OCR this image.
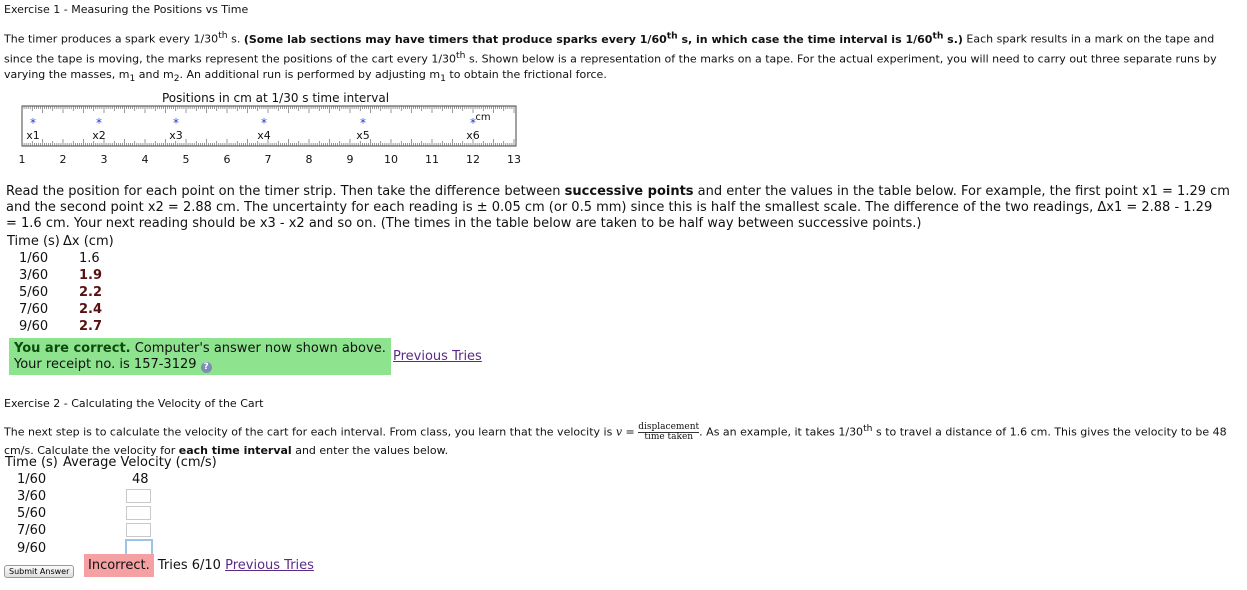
Exercise 1 - Measuring the Positions vs Time

The timer produces a spark every 1/30th s. (Some lab sections may have timers that produce sparks every 1/60th s, in which case the time interval is 1/60th s.) Each spark results in a mark on the tape and

since the tape is moving, the marks represent the positions of the cart every 1/30th s. Shown below is a representation of the marks on a tape. For the actual experiment, you will need to carry out three separate runs by

varying the masses, $m_1$ and $m_2$. An additional run is performed by adjusting $m_1$ to obtain the frictional force.

Positions in cm at 1/30 s time interval
*
x1
*
x2
*
x3
*
x4
*
x5
*
x6
cm
1	2	3	4	5	6	7	8	9	10 11 12 13
Read the position for each point on the timer strip. Then take the difference between successive points and enter the values in the table below. For example, the first point x1 = 1.29 cm
and the second point x2 = 2.88 cm. The uncertainty for each reading is ± 0.05 cm (or 0.5 mm) since this is half the smallest scale. The difference of the two readings, Δx1 = 2.88 - 1.29
= 1.6 cm. Your next reading should be x3 - x2 and so on. (The times in the table below are taken to be half way between successive points.)
Time (s)	Δx (cm)
1/60	1.6
3/60	1.9
5/60	2.2
7/60	2.4
9/60	2.7
You are correct. Computer's answer now shown above.
Your receipt no. is 157-3129 ?
Previous Tries
Exercise 2 - Calculating the Velocity of the Cart

The next step is to calculate the velocity of the cart for each interval. From class, you learn that the velocity is $v = \frac{\text{displacement}}{\text{time taken}}$. As an example, it takes 1/30th s to travel a distance of 1.6 cm. This gives the velocity to be 48

cm/s. Calculate the velocity for each time interval and enter the values below.

Time (s)	Average Velocity (cm/s)
1/60	48
3/60	
5/60	
7/60	
9/60	
Submit Answer	Incorrect. Tries 6/10 Previous Tries
